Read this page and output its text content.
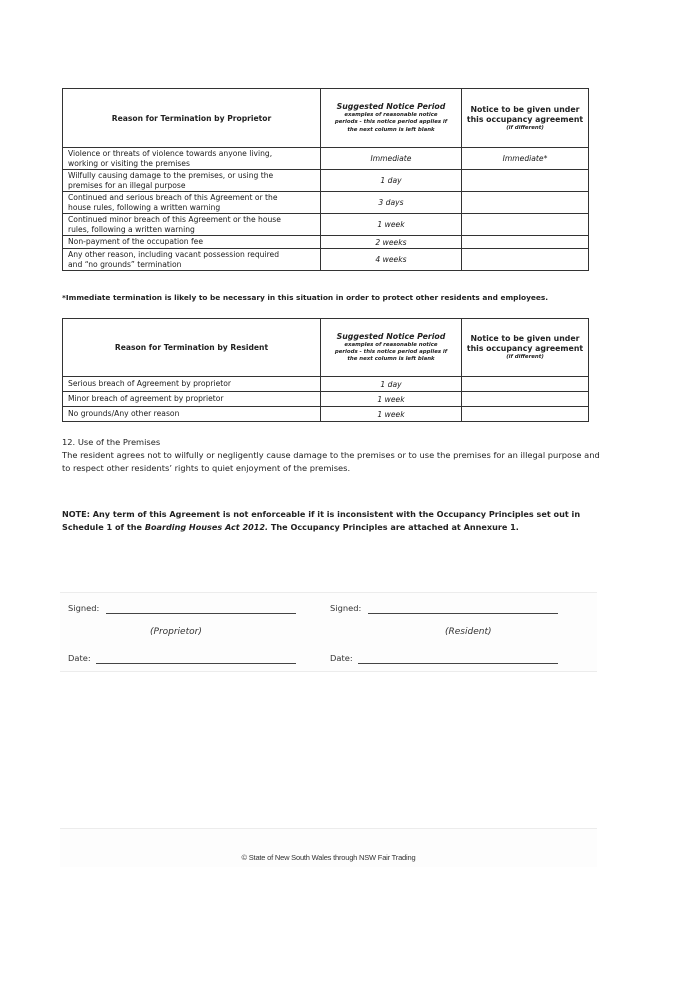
Reason for Termination by Proprietor	Suggested Notice Period
examples of reasonable notice
periods - this notice period applies if
the next column is left blank	Notice to be given under
this occupancy agreement
(if different)

Violence or threats of violence towards anyone living,
working or visiting the premises	Immediate	Immediate*
Wilfully causing damage to the premises, or using the
premises for an illegal purpose	1 day	
Continued and serious breach of this Agreement or the
house rules, following a written warning	3 days	
Continued minor breach of this Agreement or the house
rules, following a written warning	1 week	
Non-payment of the occupation fee	2 weeks	
Any other reason, including vacant possession required
and “no grounds” termination	4 weeks	
*Immediate termination is likely to be necessary in this situation in order to protect other residents and employees.
Reason for Termination by Resident	Suggested Notice Period
examples of reasonable notice
periods - this notice period applies if
the next column is left blank	Notice to be given under
this occupancy agreement
(if different)

Serious breach of Agreement by proprietor	1 day	
Minor breach of agreement by proprietor	1 week	
No grounds/Any other reason	1 week	
12. Use of the Premises
The resident agrees not to wilfully or negligently cause damage to the premises or to use the premises for an illegal purpose and to respect other residents’ rights to quiet enjoyment of the premises.
NOTE: Any term of this Agreement is not enforceable if it is inconsistent with the Occupancy Principles set out in Schedule 1 of the Boarding Houses Act 2012. The Occupancy Principles are attached at Annexure 1.
Signed:	Signed:
(Proprietor)	(Resident)
Date:	Date:
© State of New South Wales through NSW Fair Trading
